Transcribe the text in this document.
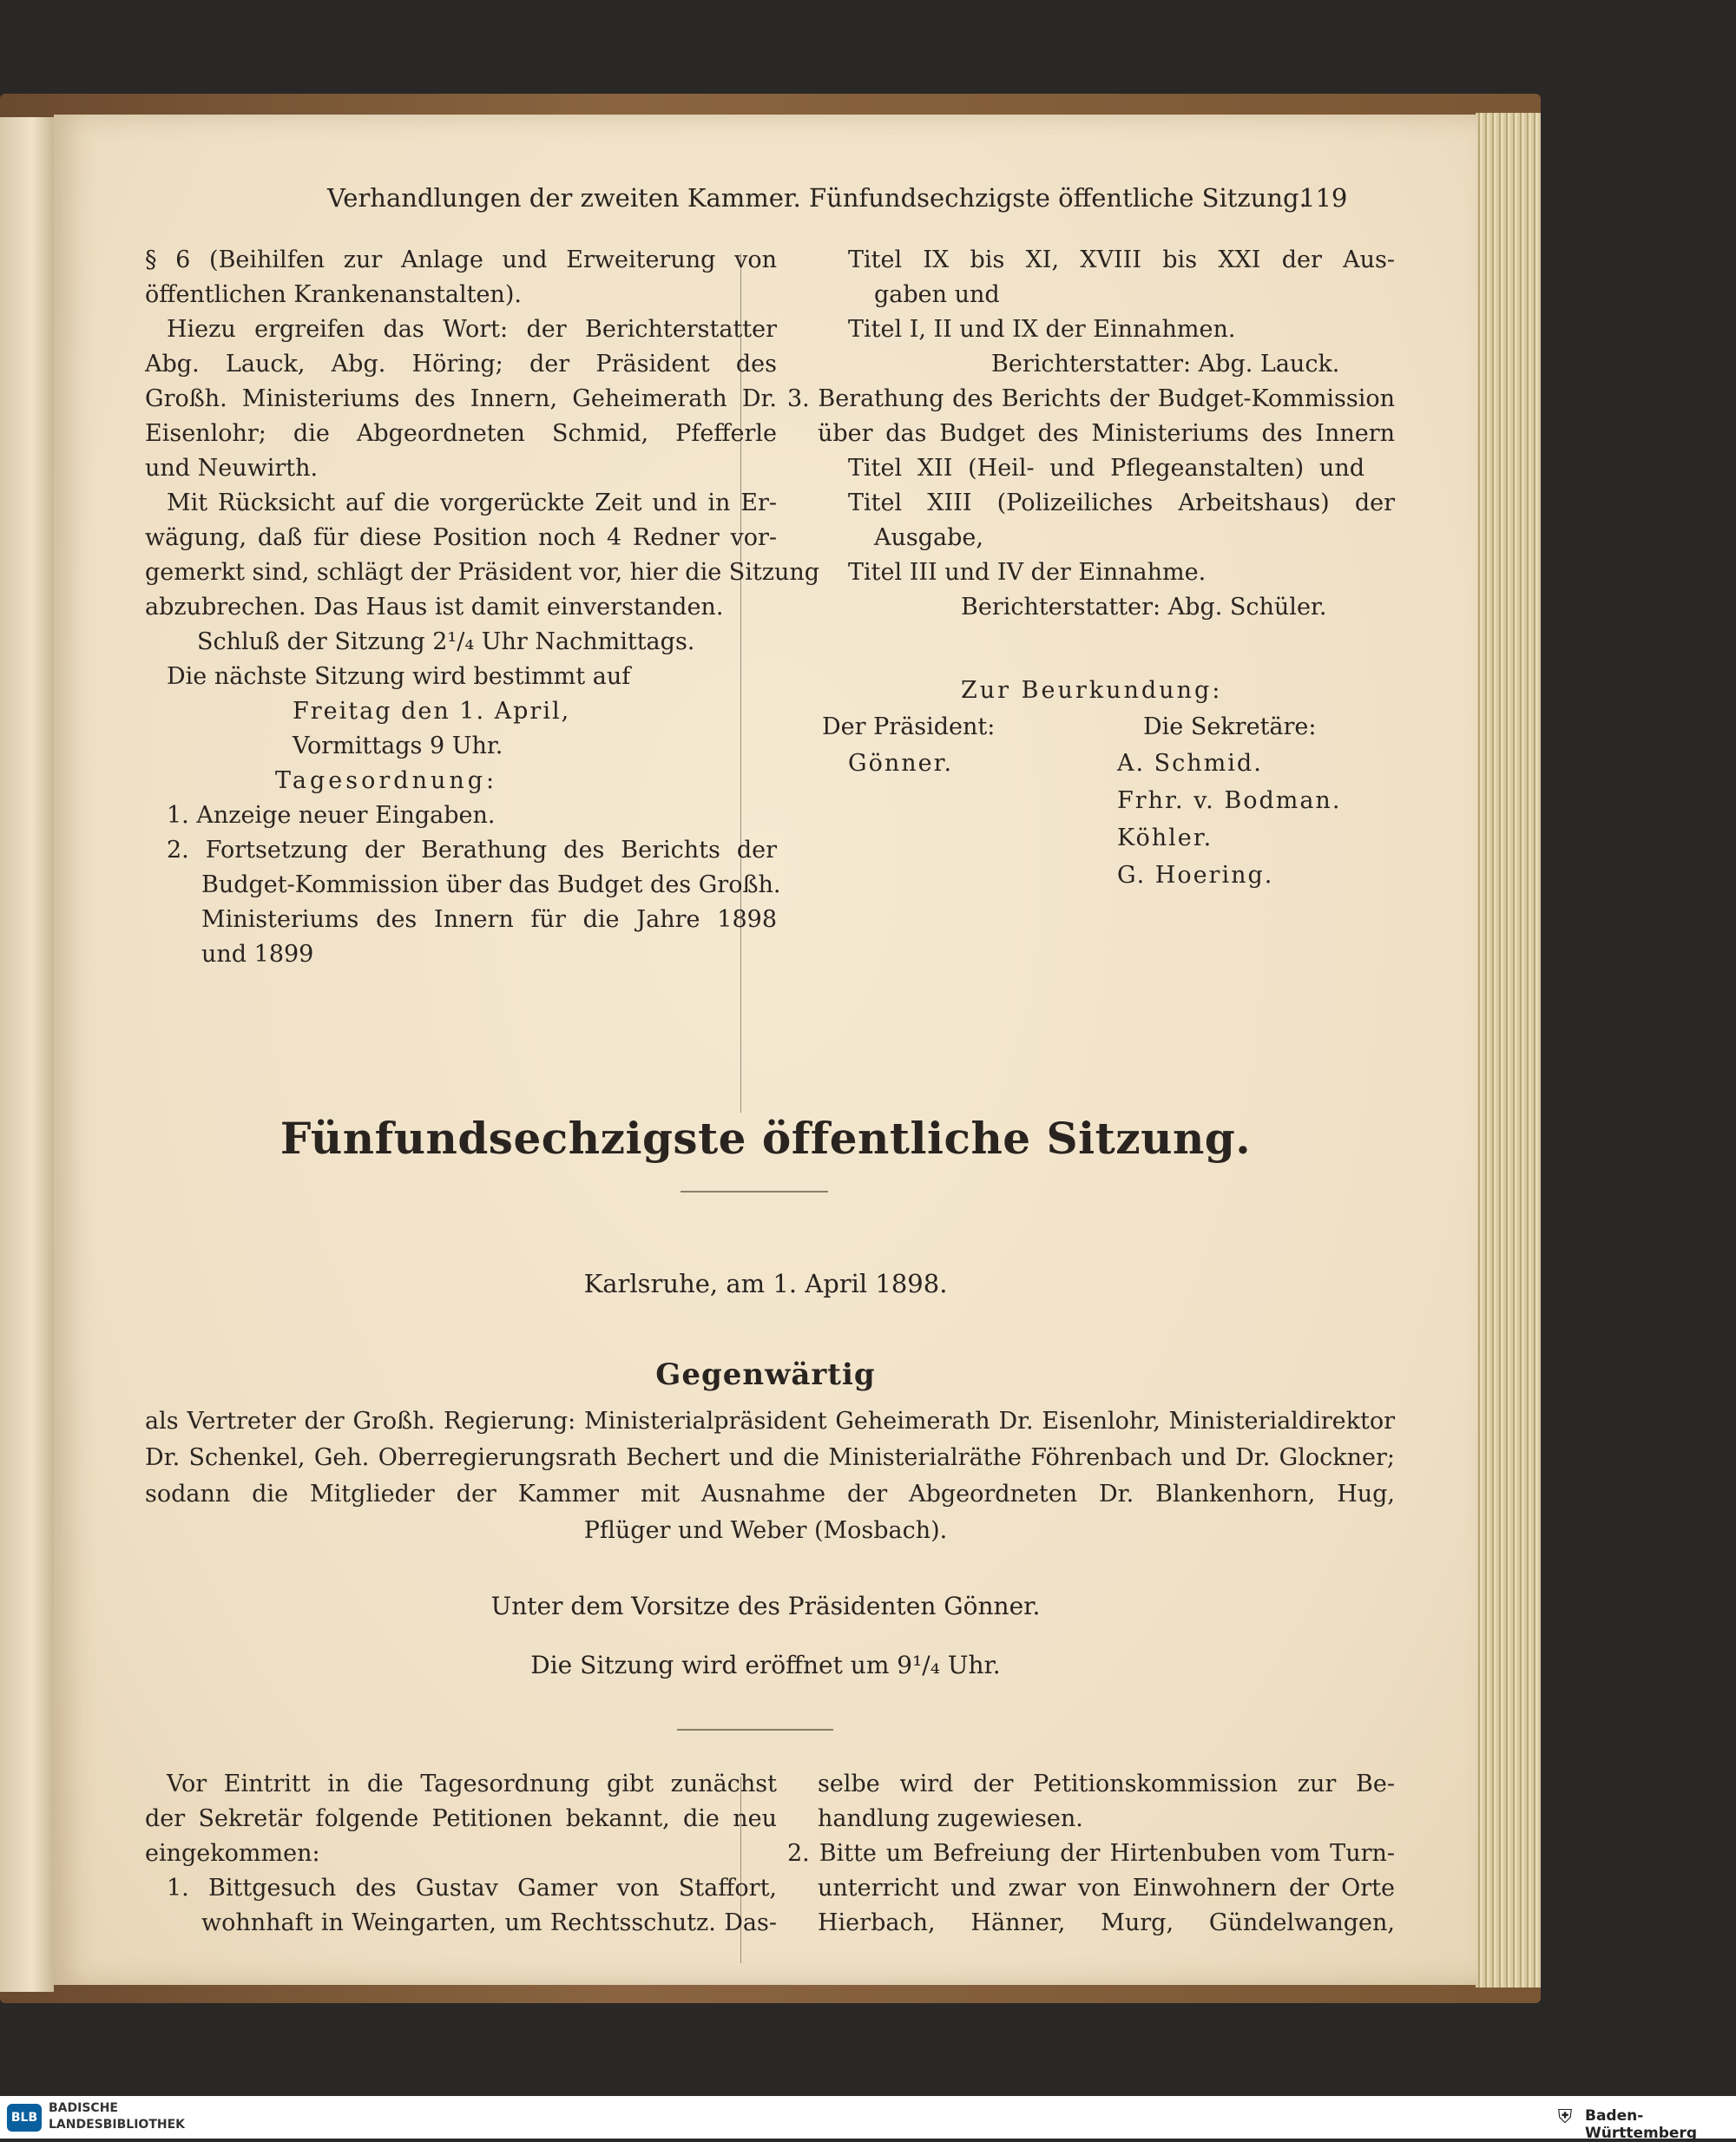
Verhandlungen der zweiten Kammer. Fünfundsechzigste öffentliche Sitzung.
119
§ 6 (Beihilfen zur Anlage und Erweiterung von
öffentlichen Krankenanstalten).
Hiezu ergreifen das Wort: der Berichterstatter
Abg. Lauck, Abg. Höring; der Präsident des
Großh. Ministeriums des Innern, Geheimerath Dr.
Eisenlohr; die Abgeordneten Schmid, Pfefferle
und Neuwirth.
Mit Rücksicht auf die vorgerückte Zeit und in Er-
wägung, daß für diese Position noch 4 Redner vor-
gemerkt sind, schlägt der Präsident vor, hier die Sitzung
abzubrechen. Das Haus ist damit einverstanden.
Schluß der Sitzung 2¹/₄ Uhr Nachmittags.
Die nächste Sitzung wird bestimmt auf
Freitag den 1. April,
Vormittags 9 Uhr.
Tagesordnung:
1. Anzeige neuer Eingaben.
2. Fortsetzung der Berathung des Berichts der
Budget-Kommission über das Budget des Großh.
Ministeriums des Innern für die Jahre 1898
und 1899
Titel IX bis XI, XVIII bis XXI der Aus-
gaben und
Titel I, II und IX der Einnahmen.
Berichterstatter: Abg. Lauck.
3. Berathung des Berichts der Budget-Kommission
über das Budget des Ministeriums des Innern
Titel XII (Heil- und Pflegeanstalten) und
Titel XIII (Polizeiliches Arbeitshaus) der
Ausgabe,
Titel III und IV der Einnahme.
Berichterstatter: Abg. Schüler.
Zur Beurkundung:
Der Präsident:	Die Sekretäre:
Gönner.	A. Schmid.
Frhr. v. Bodman.
Köhler.
G. Hoering.
Fünfundsechzigste öffentliche Sitzung.
Karlsruhe, am 1. April 1898.
Gegenwärtig
als Vertreter der Großh. Regierung: Ministerialpräsident Geheimerath Dr. Eisenlohr, Ministerialdirektor
Dr. Schenkel, Geh. Oberregierungsrath Bechert und die Ministerialräthe Föhrenbach und Dr. Glockner;
sodann die Mitglieder der Kammer mit Ausnahme der Abgeordneten Dr. Blankenhorn, Hug,
Pflüger und Weber (Mosbach).
Unter dem Vorsitze des Präsidenten Gönner.
Die Sitzung wird eröffnet um 9¹/₄ Uhr.
Vor Eintritt in die Tagesordnung gibt zunächst
der Sekretär folgende Petitionen bekannt, die neu
eingekommen:
1. Bittgesuch des Gustav Gamer von Staffort,
wohnhaft in Weingarten, um Rechtsschutz. Das-
selbe wird der Petitionskommission zur Be-
handlung zugewiesen.
2. Bitte um Befreiung der Hirtenbuben vom Turn-
unterricht und zwar von Einwohnern der Orte
Hierbach, Hänner, Murg, Gündelwangen,
BLB
BADISCHE
LANDESBIBLIOTHEK	⛨ Baden-Württemberg
